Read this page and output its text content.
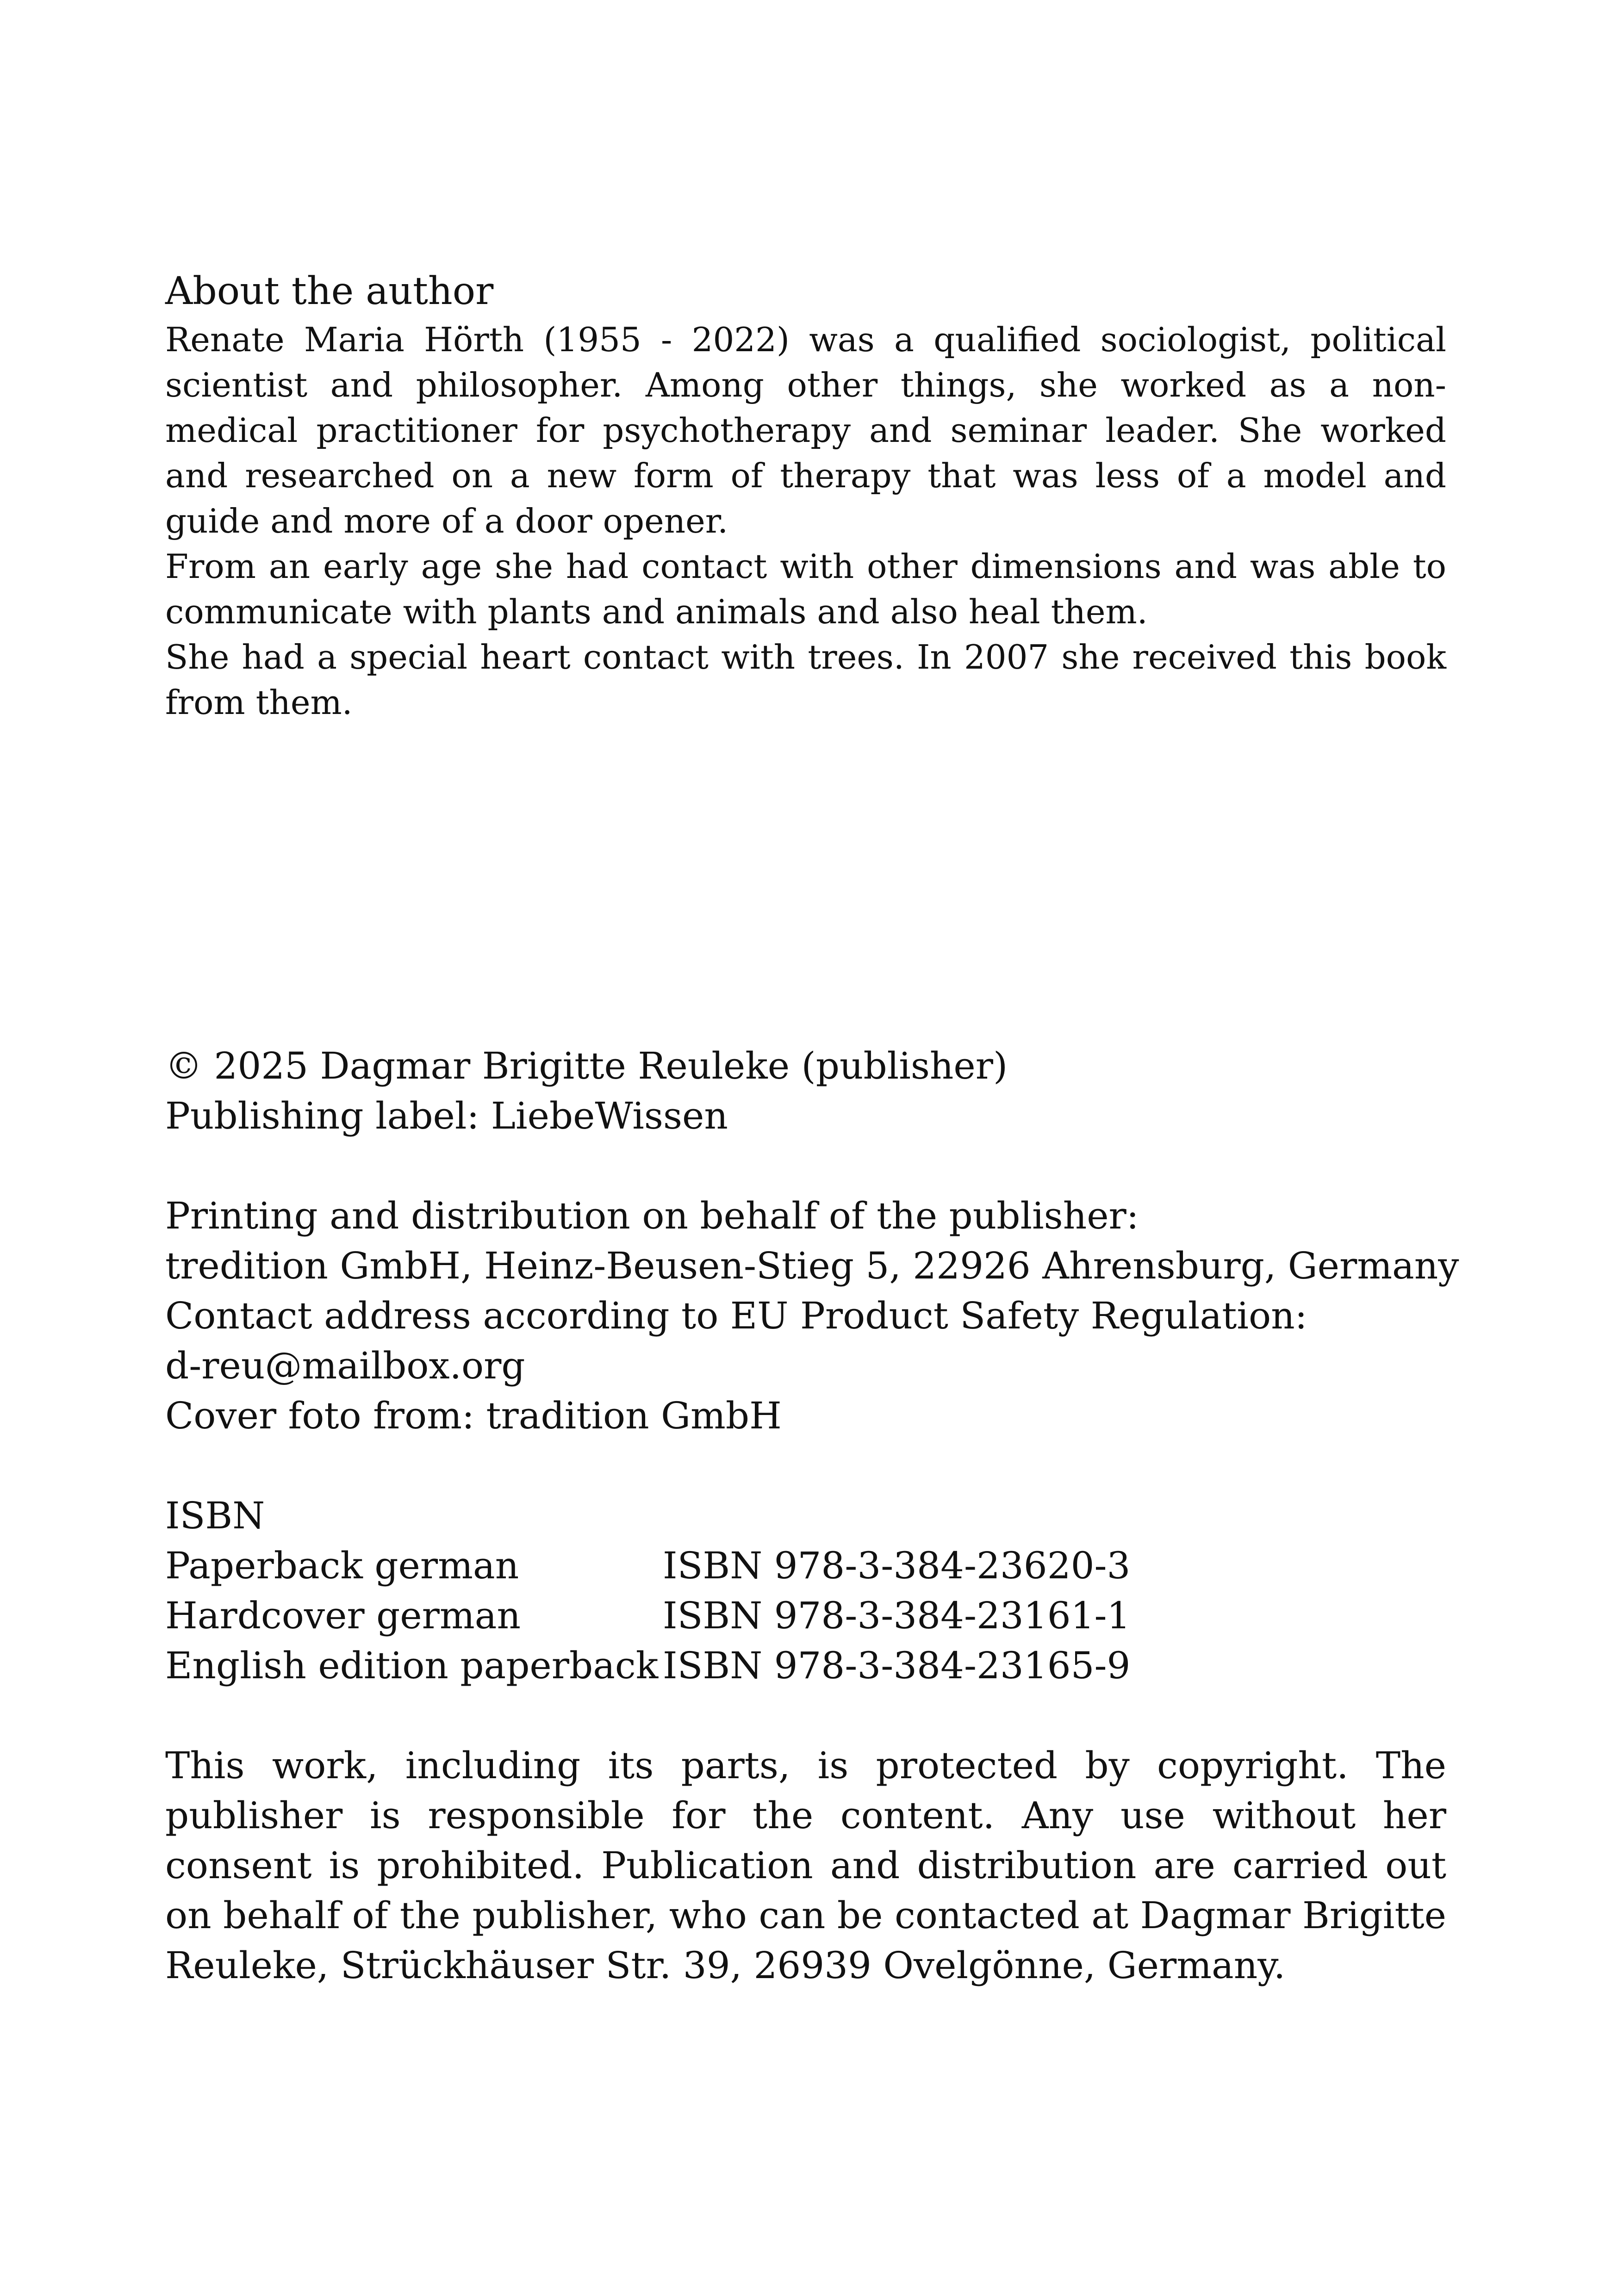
About the author

Renate Maria Hörth (1955 - 2022) was a qualified sociologist, political scientist and philosopher. Among other things, she worked as a non-medical practitioner for psychotherapy and seminar leader. She worked and researched on a new form of therapy that was less of a model and guide and more of a door opener.

From an early age she had contact with other dimensions and was able to communicate with plants and animals and also heal them.

She had a special heart contact with trees. In 2007 she received this book from them.

© 2025 Dagmar Brigitte Reuleke (publisher)
Publishing label: LiebeWissen
Printing and distribution on behalf of the publisher:
tredition GmbH, Heinz-Beusen-Stieg 5, 22926 Ahrensburg, Germany
Contact address according to EU Product Safety Regulation:
d-reu@mailbox.org
Cover foto from: tradition GmbH
ISBN
Paperback german	ISBN 978-3-384-23620-3
Hardcover german	ISBN 978-3-384-23161-1
English edition paperback ISBN 978-3-384-23165-9

This work, including its parts, is protected by copyright. The publisher is responsible for the content. Any use without her consent is prohibited. Publication and distribution are carried out on behalf of the publisher, who can be contacted at Dagmar Brigitte Reuleke, Strückhäuser Str. 39, 26939 Ovelgönne, Germany.
